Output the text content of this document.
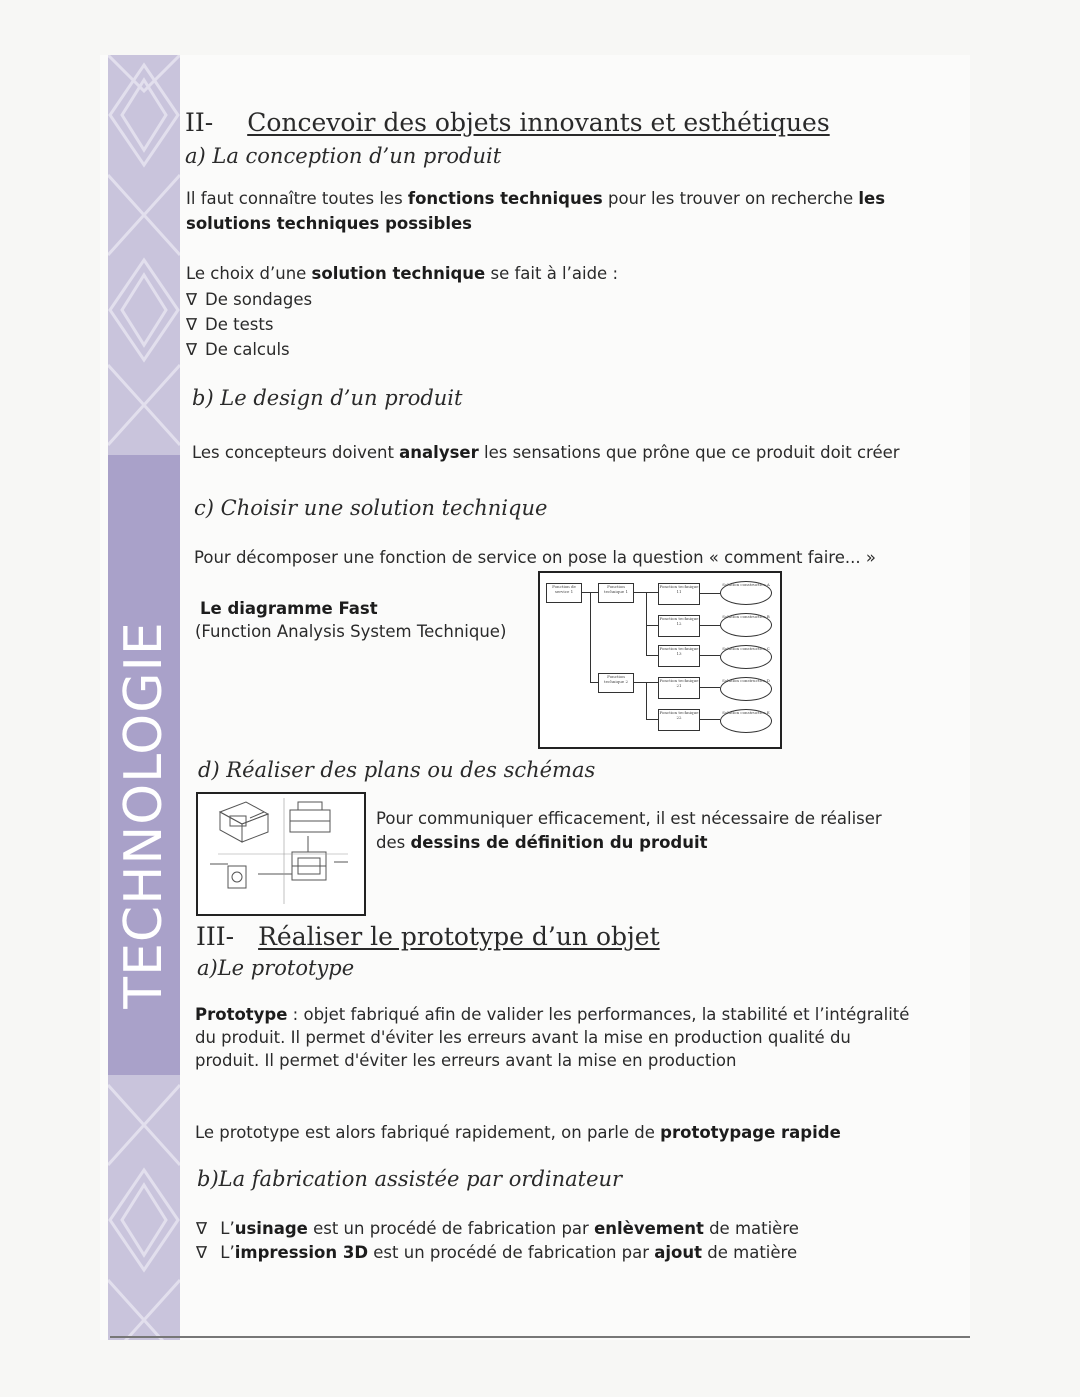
TECHNOLOGIE
II- Concevoir des objets innovants et esthétiques
a) La conception d’un produit
Il faut connaître toutes les fonctions techniques pour les trouver on recherche les
solutions techniques possibles
Le choix d’une solution technique se fait à l’aide :
∇ De sondages
∇ De tests
∇ De calculs
b) Le design d’un produit
Les concepteurs doivent analyser les sensations que prône que ce produit doit créer
c) Choisir une solution technique
Pour décomposer une fonction de service on pose la question « comment faire... »
Le diagramme Fast
(Function Analysis System Technique)
Fonction de service 1
Fonction technique 1
Fonction technique 2
Fonction technique 11
Fonction technique 12
Fonction technique 13
Fonction technique 21
Fonction technique 22
Solution constructive A
Solution constructive B
Solution constructive C
Solution constructive D
Solution constructive E
d) Réaliser des plans ou des schémas
Pour communiquer efficacement, il est nécessaire de réaliser
des dessins de définition du produit
III- Réaliser le prototype d’un objet
a)Le prototype
Prototype : objet fabriqué afin de valider les performances, la stabilité et l’intégralité
du produit. Il permet d'éviter les erreurs avant la mise en production qualité du
produit. Il permet d'éviter les erreurs avant la mise en production
Le prototype est alors fabriqué rapidement, on parle de prototypage rapide
b)La fabrication assistée par ordinateur
∇ L’usinage est un procédé de fabrication par enlèvement de matière
∇ L’impression 3D est un procédé de fabrication par ajout de matière
